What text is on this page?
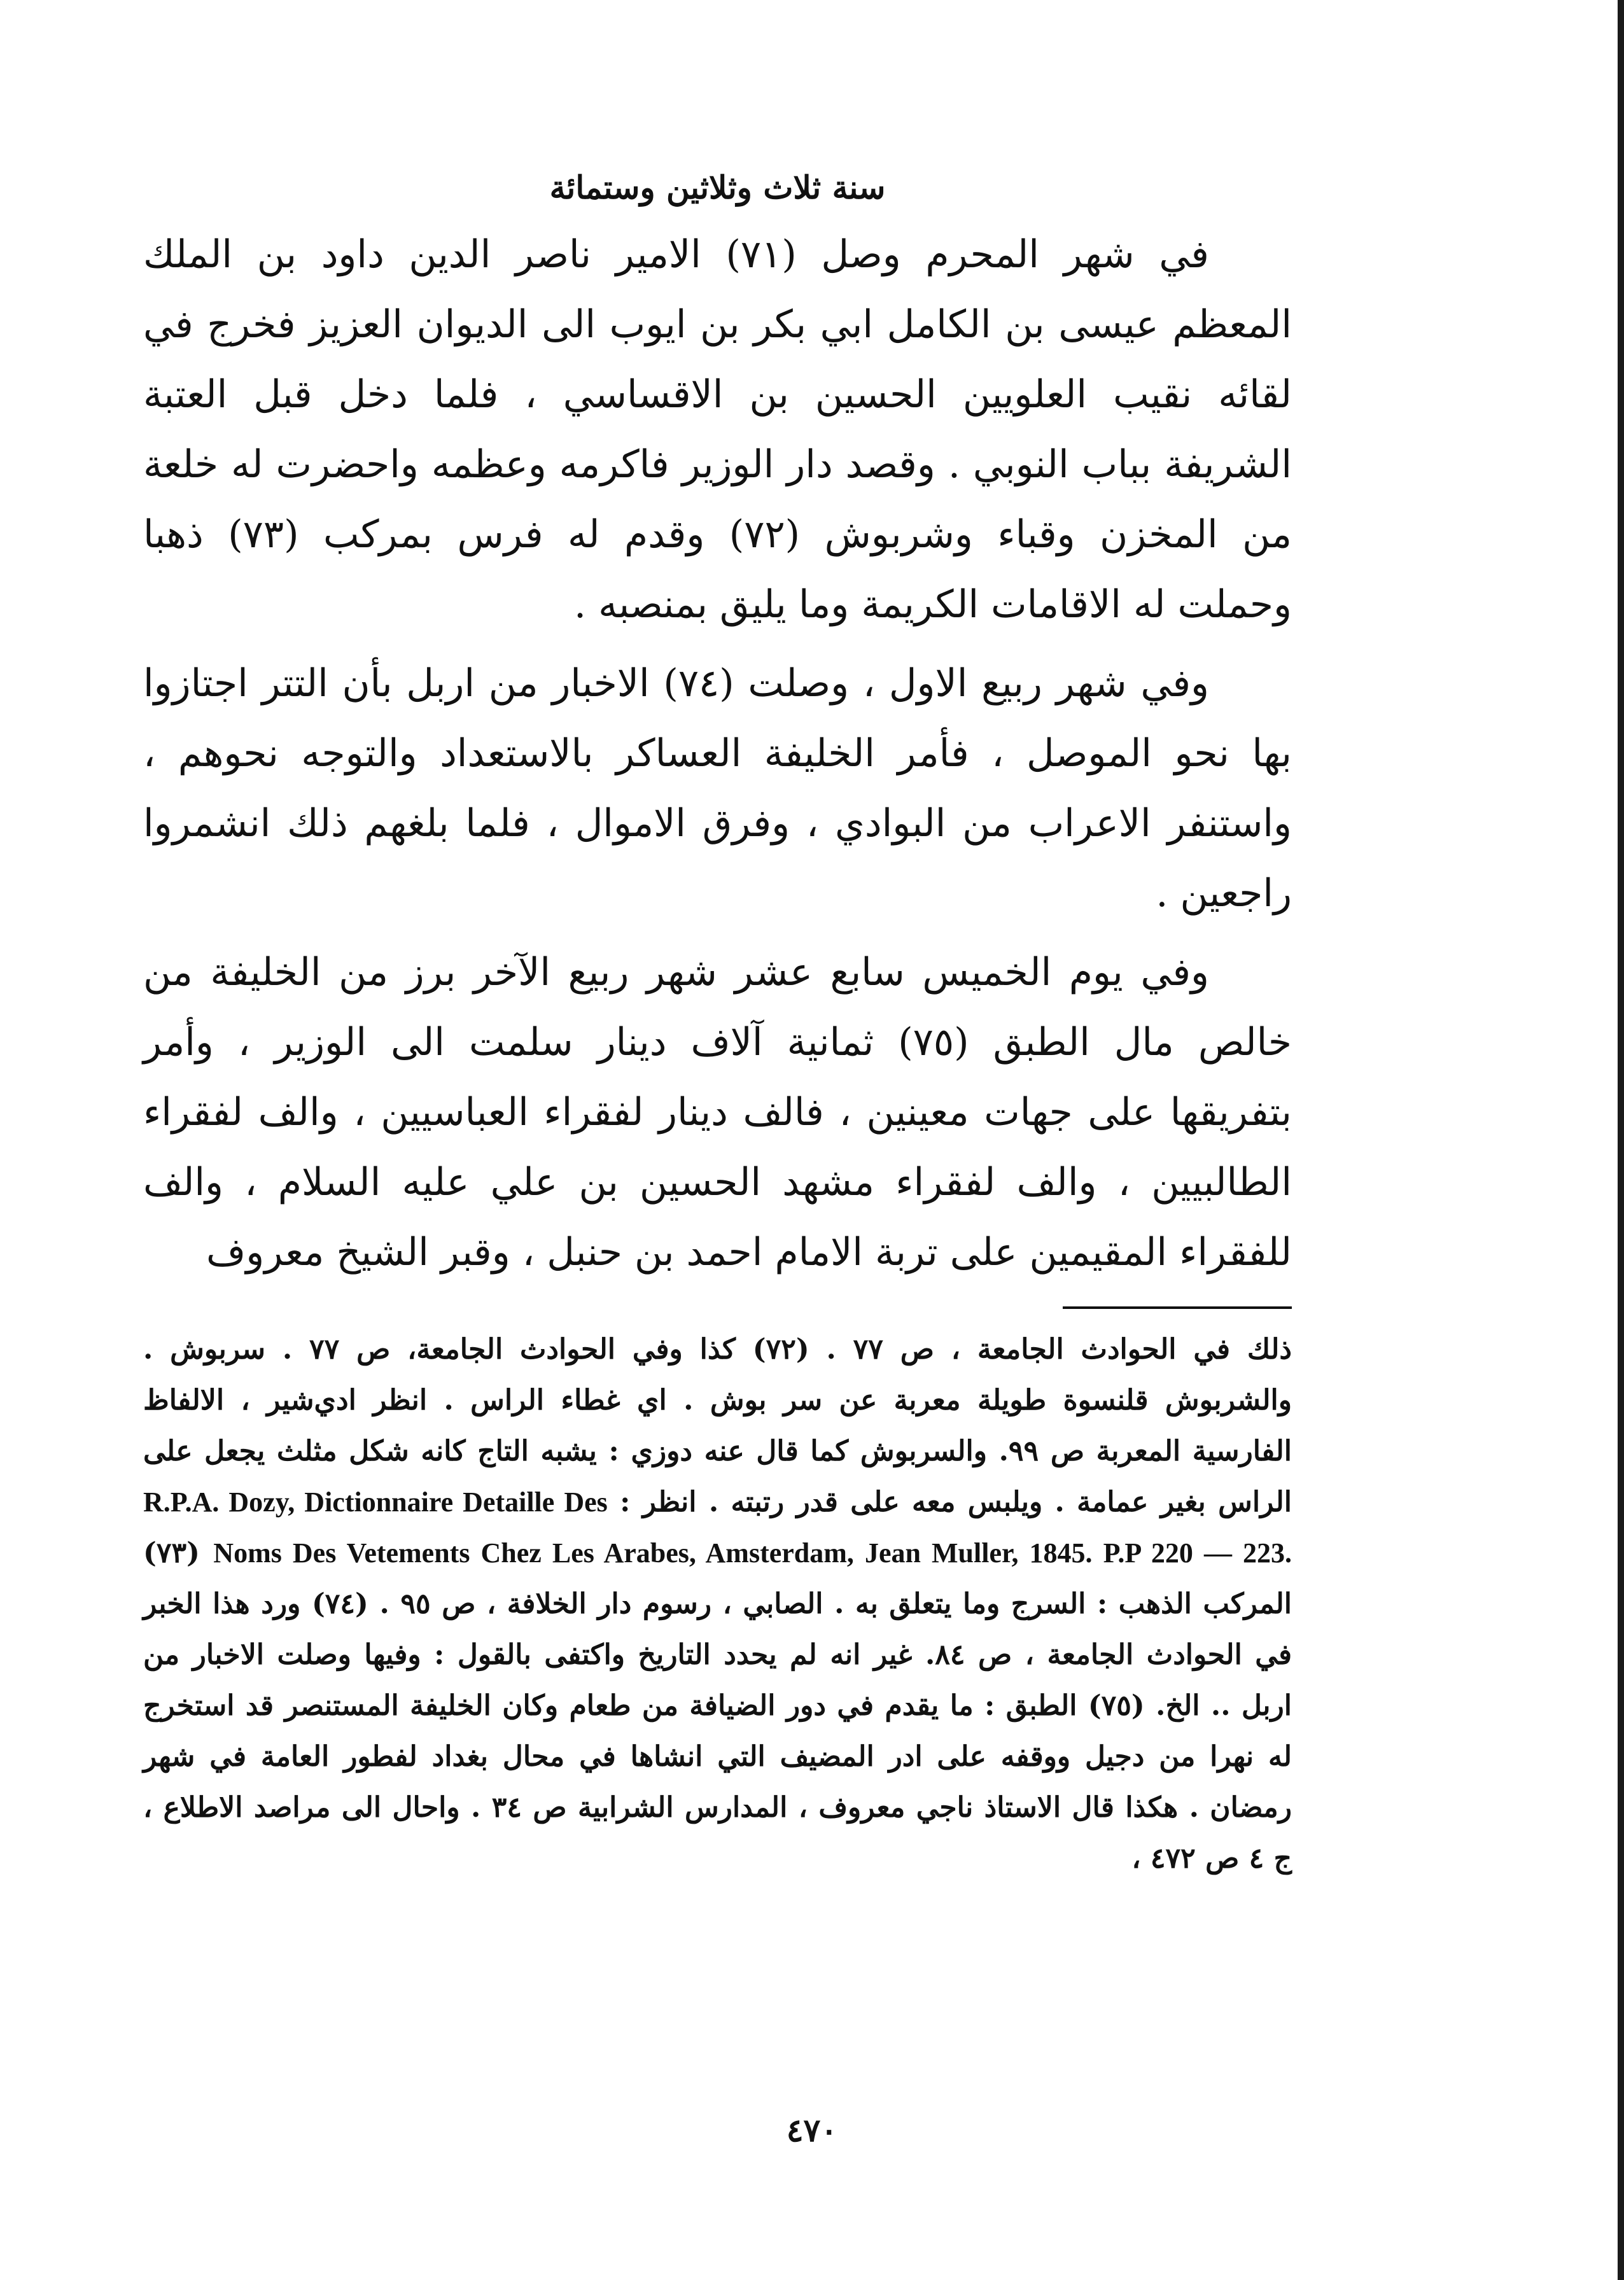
سنة ثلاث وثلاثين وستمائة

في شهر المحرم وصل (٧١) الامير ناصر الدين داود بن الملك المعظم عيسى بن الكامل ابي بكر بن ايوب الى الديوان العزيز فخرج في لقائه نقيب العلويين الحسين بن الاقساسي ، فلما دخل قبل العتبة الشريفة بباب النوبي . وقصد دار الوزير فاكرمه وعظمه واحضرت له خلعة من المخزن وقباء وشربوش (٧٢) وقدم له فرس بمركب (٧٣) ذهبا وحملت له الاقامات الكريمة وما يليق بمنصبه .

وفي شهر ربيع الاول ، وصلت (٧٤) الاخبار من اربل بأن التتر اجتازوا بها نحو الموصل ، فأمر الخليفة العساكر بالاستعداد والتوجه نحوهم ، واستنفر الاعراب من البوادي ، وفرق الاموال ، فلما بلغهم ذلك انشمروا راجعين .

وفي يوم الخميس سابع عشر شهر ربيع الآخر برز من الخليفة من خالص مال الطبق (٧٥) ثمانية آلاف دينار سلمت الى الوزير ، وأمر بتفريقها على جهات معينين ، فالف دينار لفقراء العباسيين ، والف لفقراء الطالبيين ، والف لفقراء مشهد الحسين بن علي عليه السلام ، والف للفقراء المقيمين على تربة الامام احمد بن حنبل ، وقبر الشيخ معروف

ذلك في الحوادث الجامعة ، ص ٧٧ . (٧٢) كذا وفي الحوادث الجامعة، ص ٧٧ . سربوش . والشربوش قلنسوة طويلة معربة عن سر بوش . اي غطاء الراس . انظر ادي‌شير ، الالفاظ الفارسية المعربة ص ٩٩. والسربوش كما قال عنه دوزي : يشبه التاج كانه شكل مثلث يجعل على الراس بغير عمامة . ويلبس معه على قدر رتبته . انظر : R.P.A. Dozy, Dictionnaire Detaille Des Noms Des Vetements Chez Les Arabes, Amsterdam, Jean Muller, 1845. P.P 220 — 223. (٧٣) المركب الذهب : السرج وما يتعلق به . الصابي ، رسوم دار الخلافة ، ص ٩٥ . (٧٤) ورد هذا الخبر في الحوادث الجامعة ، ص ٨٤. غير انه لم يحدد التاريخ واكتفى بالقول : وفيها وصلت الاخبار من اربل .. الخ. (٧٥) الطبق : ما يقدم في دور الضيافة من طعام وكان الخليفة المستنصر قد استخرج له نهرا من دجيل ووقفه على ادر المضيف التي انشاها في محال بغداد لفطور العامة في شهر رمضان . هكذا قال الاستاذ ناجي معروف ، المدارس الشرابية ص ٣٤ . واحال الى مراصد الاطلاع ، ج ٤ ص ٤٧٢ ،
٤٧٠
